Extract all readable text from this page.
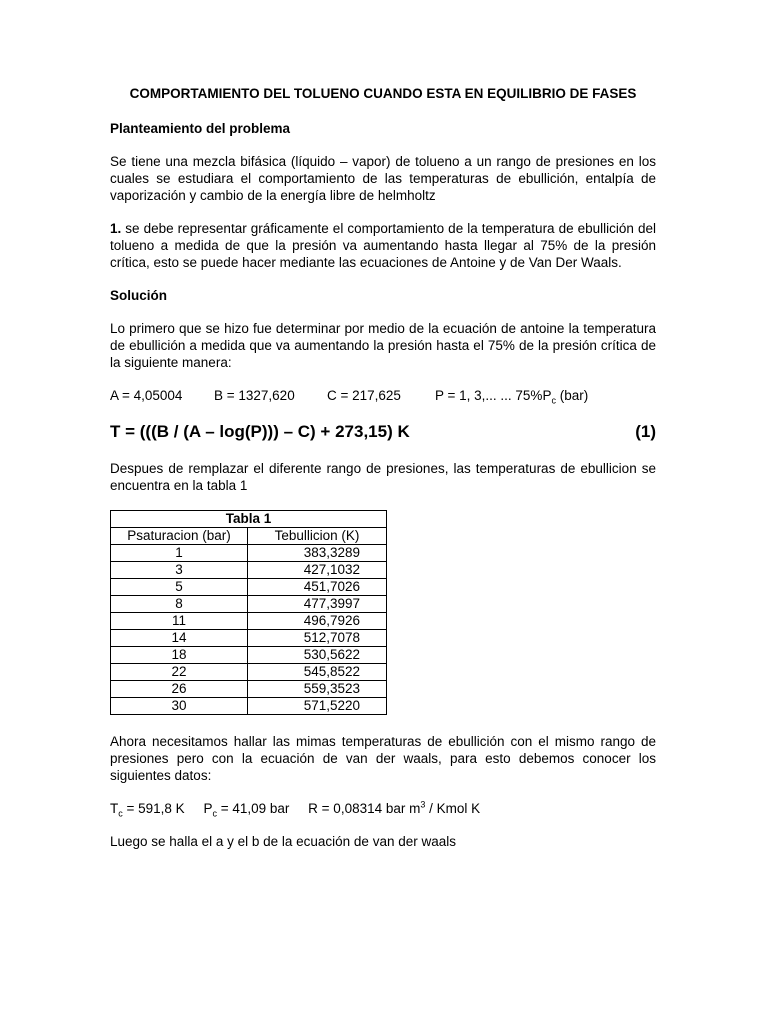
COMPORTAMIENTO DEL TOLUENO CUANDO ESTA EN EQUILIBRIO DE FASES
Planteamiento del problema

Se tiene una mezcla bifásica (líquido – vapor) de tolueno a un rango de presiones en los cuales se estudiara el comportamiento de las temperaturas de ebullición, entalpía de vaporización y cambio de la energía libre de helmholtz

1. se debe representar gráficamente el comportamiento de la temperatura de ebullición del tolueno a medida de que la presión va aumentando hasta llegar al 75% de la presión crítica, esto se puede hacer mediante las ecuaciones de Antoine y de Van Der Waals.

Solución

Lo primero que se hizo fue determinar por medio de la ecuación de antoine la temperatura de ebullición a medida que va aumentando la presión hasta el 75% de la presión crítica de la siguiente manera:

A = 4,05004	B = 1327,620	C = 217,625	P = 1, 3,... ... $75\%P_c$ (bar)
T = (((B / (A – log(P))) – C) + 273,15) K	(1)

Despues de remplazar el diferente rango de presiones, las temperaturas de ebullicion se encuentra en la tabla 1

Tabla 1	
Psaturacion (bar)	Tebullicion (K)
1	383,3289
3	427,1032
5	451,7026
8	477,3997
11	496,7926
14	512,7078
18	530,5622
22	545,8522
26	559,3523
30	571,5220

Ahora necesitamos hallar las mimas temperaturas de ebullición con el mismo rango de presiones pero con la ecuación de van der waals, para esto debemos conocer los siguientes datos:

$T_c = 591,8$ K $P_c = 41,09$ bar R = 0,08314 bar $m^3$ / Kmol K

Luego se halla el a y el b de la ecuación de van der waals
